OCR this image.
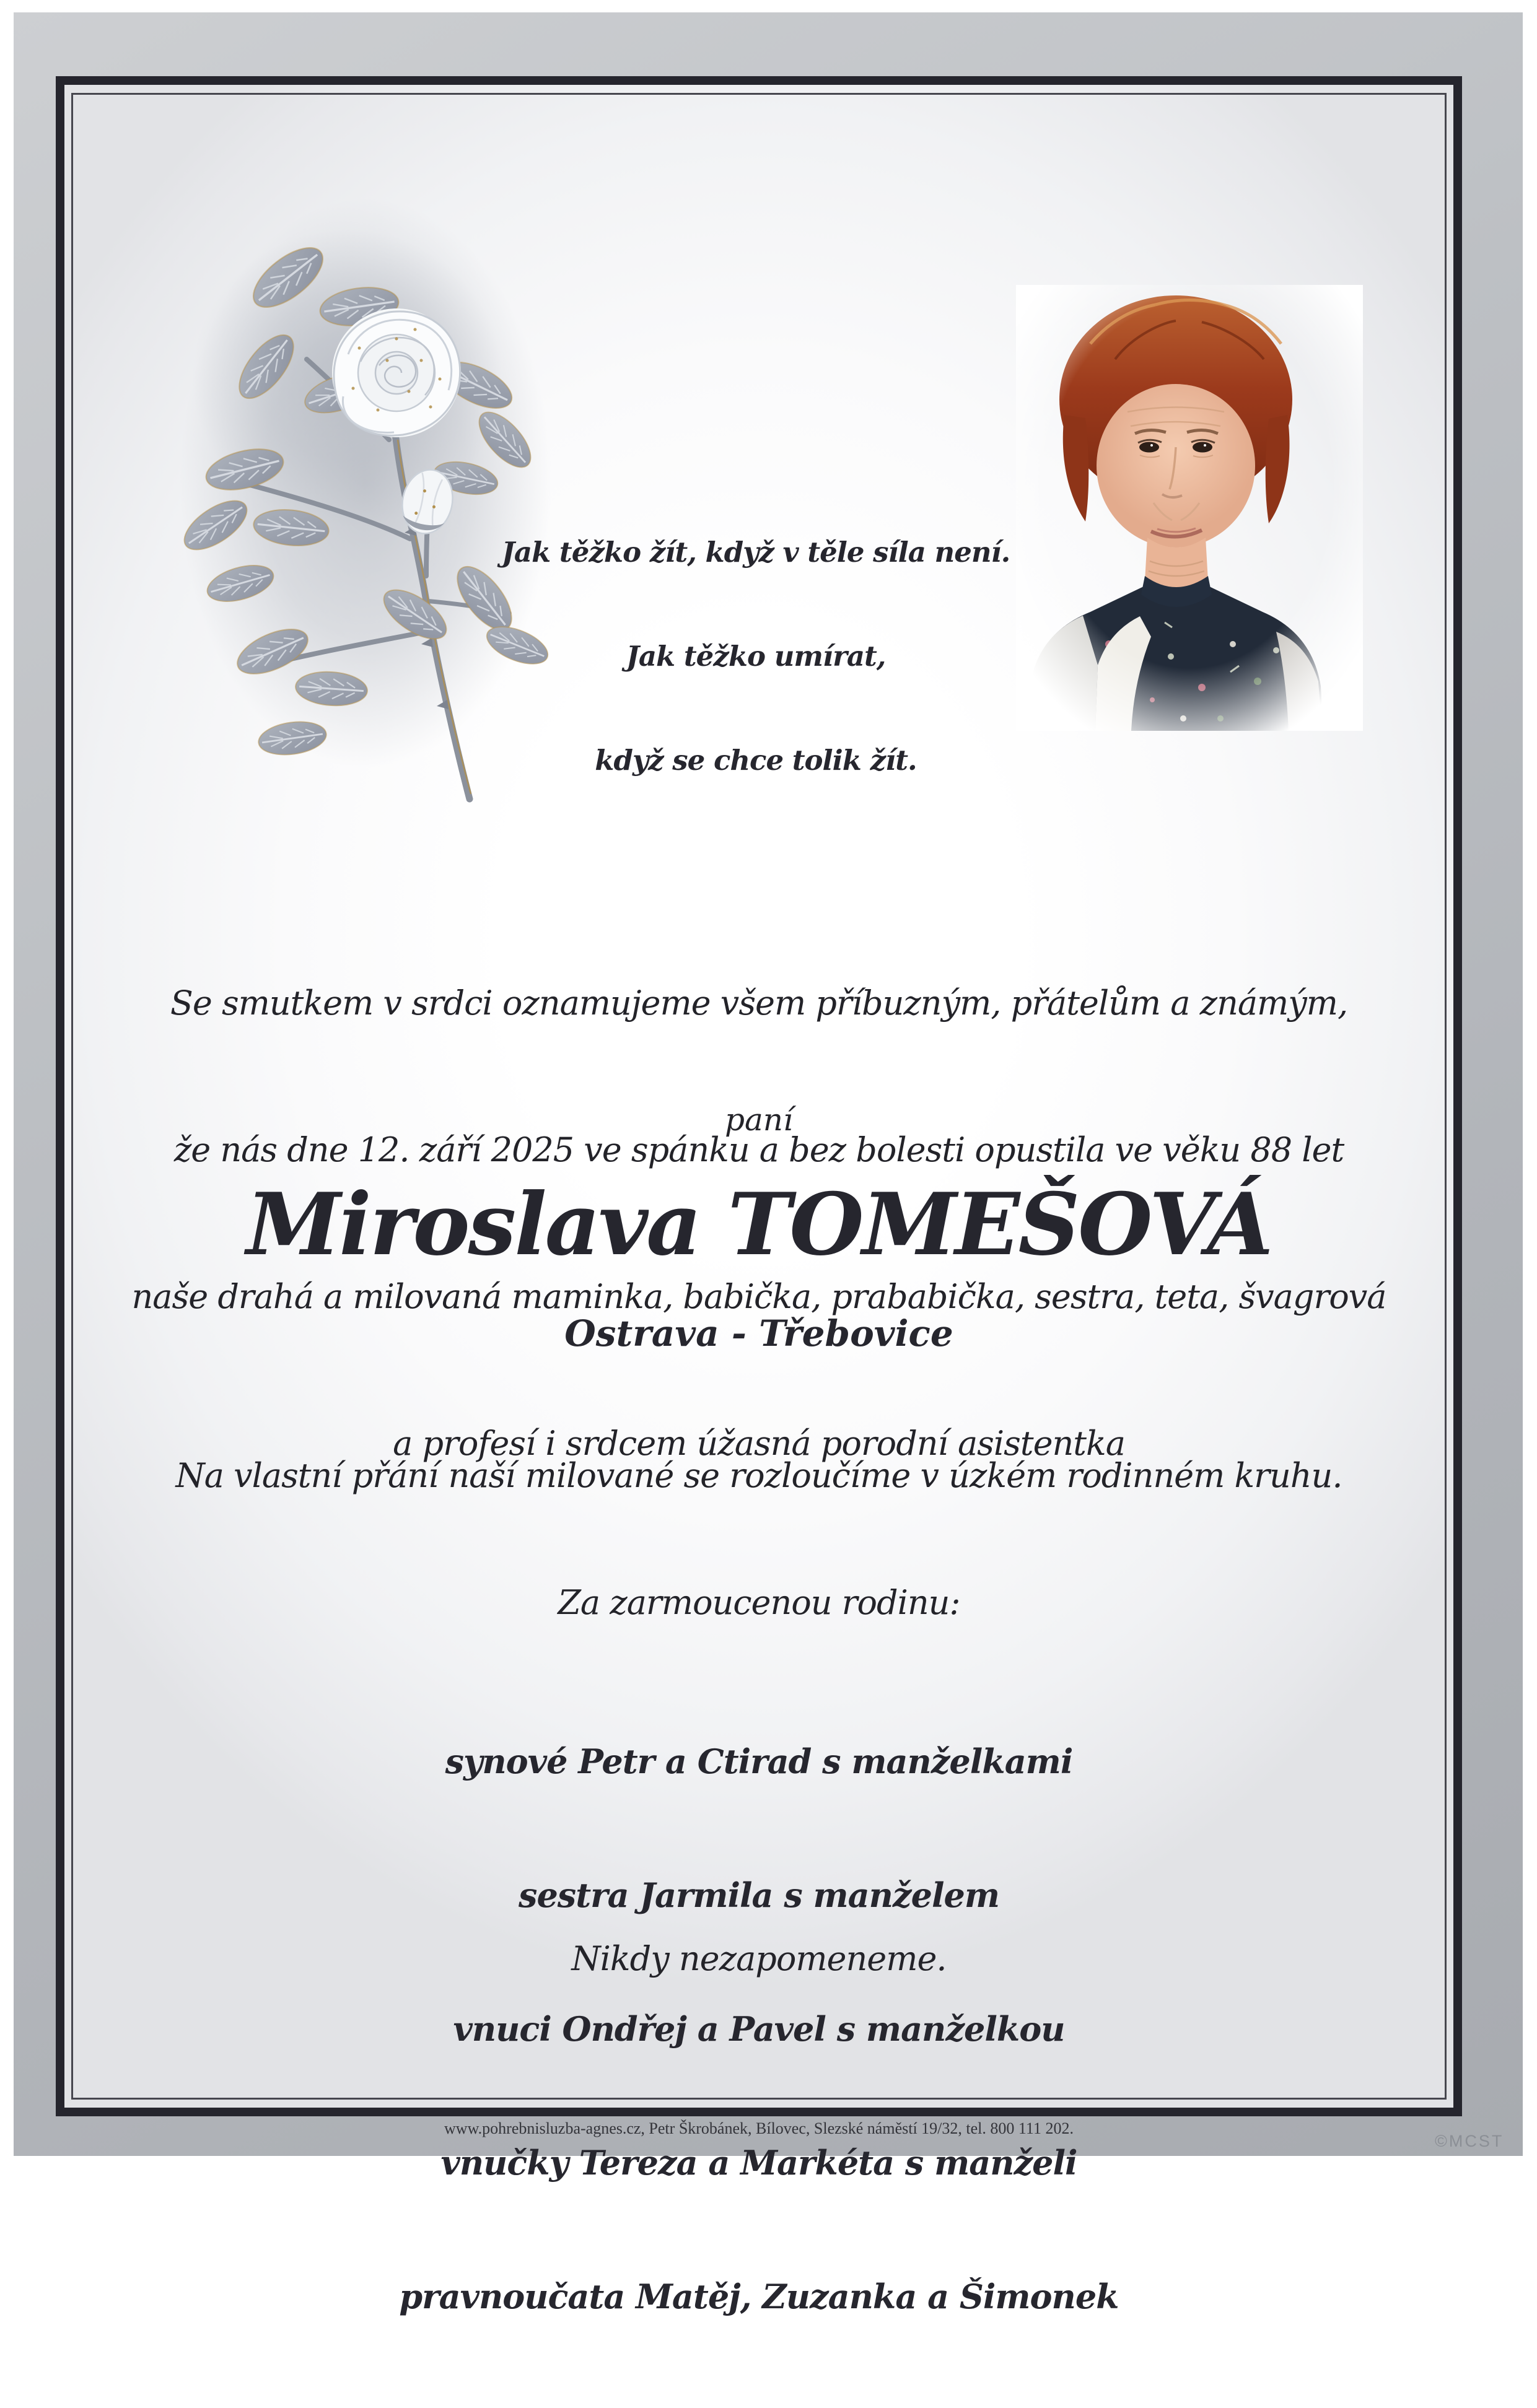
Jak těžko žít, když v těle síla není.

Jak těžko umírat,

když se chce tolik žít.

Se smutkem v srdci oznamujeme všem příbuzným, přátelům a známým,

že nás dne 12. září 2025 ve spánku a bez bolesti opustila ve věku 88 let

naše drahá a milovaná maminka, babička, prababička, sestra, teta, švagrová

a profesí i srdcem úžasná porodní asistentka

paní
Miroslava TOMEŠOVÁ
Ostrava - Třebovice
Na vlastní přání naší milované se rozloučíme v úzkém rodinném kruhu.
Za zarmoucenou rodinu:

synové Petr a Ctirad s manželkami

sestra Jarmila s manželem

vnuci Ondřej a Pavel s manželkou

vnučky Tereza a Markéta s manželi

pravnoučata Matěj, Zuzanka a Šimonek

Nikdy nezapomeneme.
www.pohrebnisluzba-agnes.cz, Petr Škrobánek, Bílovec, Slezské náměstí 19/32, tel. 800 111 202.
©MCST
